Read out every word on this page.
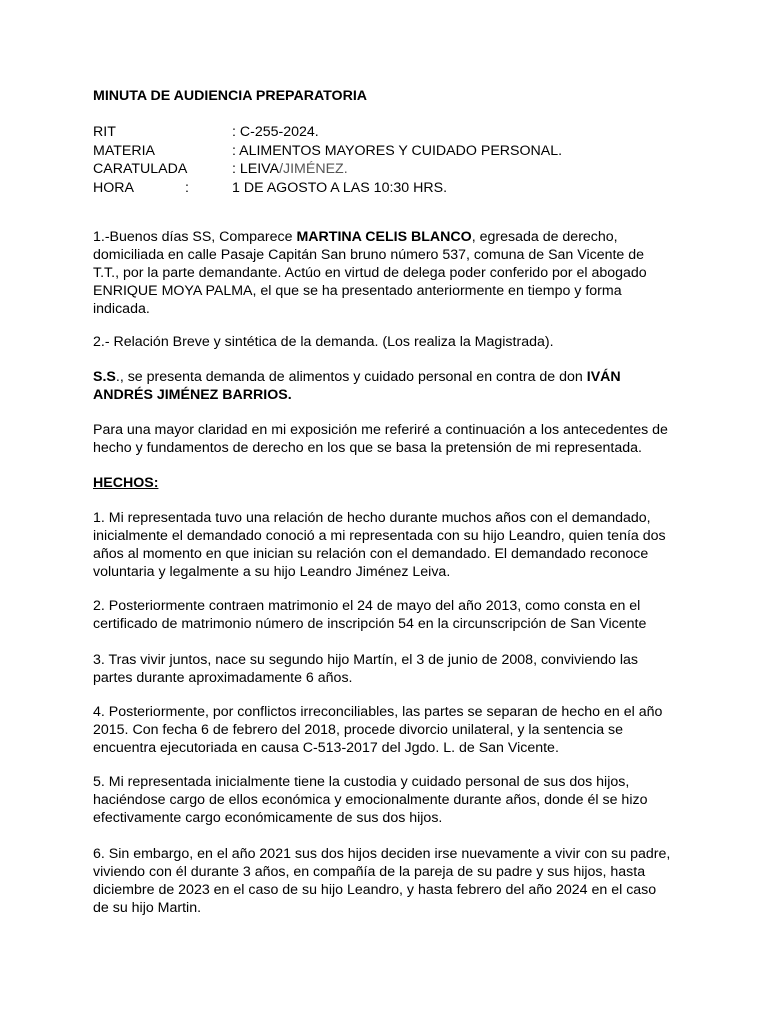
MINUTA DE AUDIENCIA PREPARATORIA
RIT	: C-255-2024.
MATERIA	: ALIMENTOS MAYORES Y CUIDADO PERSONAL.
CARATULADA	: LEIVA/JIMÉNEZ.
HORA	:	1 DE AGOSTO A LAS 10:30 HRS.
1.-Buenos días SS, Comparece MARTINA CELIS BLANCO, egresada de derecho,
domiciliada en calle Pasaje Capitán San bruno número 537, comuna de San Vicente de
T.T., por la parte demandante. Actúo en virtud de delega poder conferido por el abogado
ENRIQUE MOYA PALMA, el que se ha presentado anteriormente en tiempo y forma
indicada.
2.- Relación Breve y sintética de la demanda. (Los realiza la Magistrada).
S.S., se presenta demanda de alimentos y cuidado personal en contra de don IVÁN
ANDRÉS JIMÉNEZ BARRIOS.
Para una mayor claridad en mi exposición me referiré a continuación a los antecedentes de
hecho y fundamentos de derecho en los que se basa la pretensión de mi representada.
HECHOS:
1. Mi representada tuvo una relación de hecho durante muchos años con el demandado,
inicialmente el demandado conoció a mi representada con su hijo Leandro, quien tenía dos
años al momento en que inician su relación con el demandado. El demandado reconoce
voluntaria y legalmente a su hijo Leandro Jiménez Leiva.
2. Posteriormente contraen matrimonio el 24 de mayo del año 2013, como consta en el
certificado de matrimonio número de inscripción 54 en la circunscripción de San Vicente
3. Tras vivir juntos, nace su segundo hijo Martín, el 3 de junio de 2008, conviviendo las
partes durante aproximadamente 6 años.
4. Posteriormente, por conflictos irreconciliables, las partes se separan de hecho en el año
2015. Con fecha 6 de febrero del 2018, procede divorcio unilateral, y la sentencia se
encuentra ejecutoriada en causa C-513-2017 del Jgdo. L. de San Vicente.
5. Mi representada inicialmente tiene la custodia y cuidado personal de sus dos hijos,
haciéndose cargo de ellos económica y emocionalmente durante años, donde él se hizo
efectivamente cargo económicamente de sus dos hijos.
6. Sin embargo, en el año 2021 sus dos hijos deciden irse nuevamente a vivir con su padre,
viviendo con él durante 3 años, en compañía de la pareja de su padre y sus hijos, hasta
diciembre de 2023 en el caso de su hijo Leandro, y hasta febrero del año 2024 en el caso
de su hijo Martin.
